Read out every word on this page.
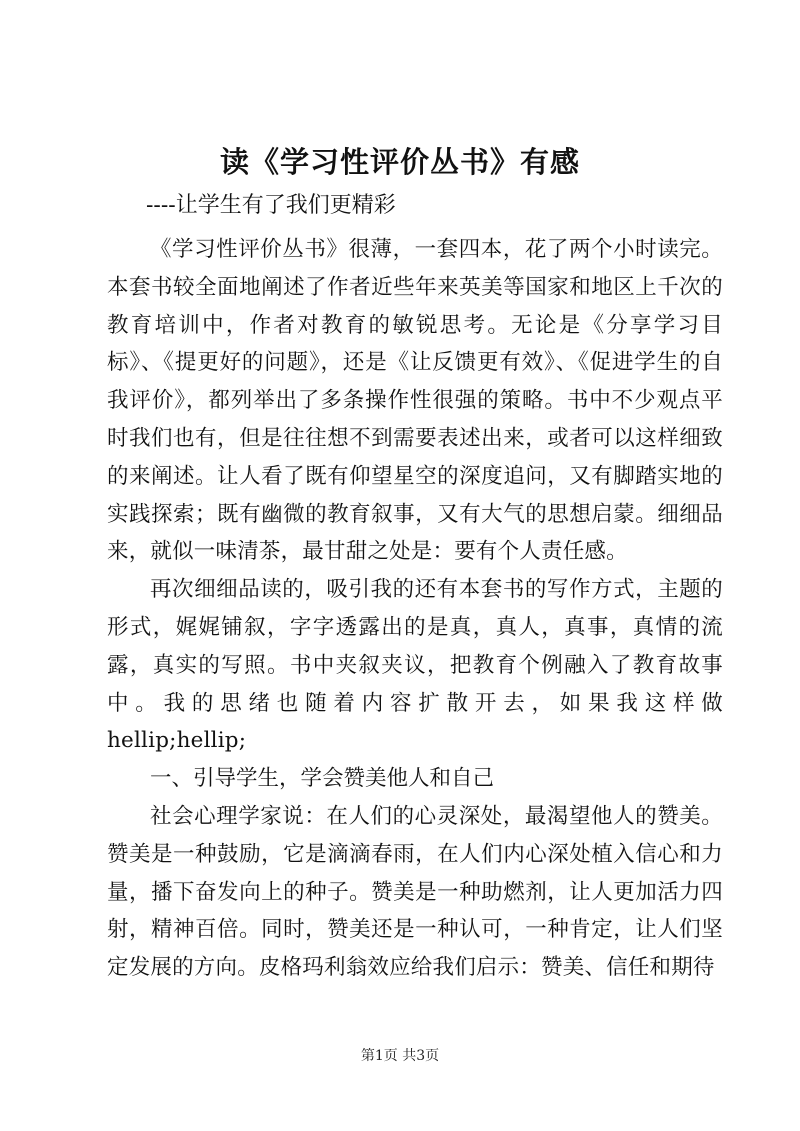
读《学习性评价丛书》有感

----让学生有了我们更精彩

《学习性评价丛书》很薄，一套四本，花了两个小时读完。本套书较全面地阐述了作者近些年来英美等国家和地区上千次的教育培训中，作者对教育的敏锐思考。无论是《分享学习目标》、《提更好的问题》，还是《让反馈更有效》、《促进学生的自我评价》，都列举出了多条操作性很强的策略。书中不少观点平时我们也有，但是往往想不到需要表述出来，或者可以这样细致的来阐述。让人看了既有仰望星空的深度追问，又有脚踏实地的实践探索；既有幽微的教育叙事，又有大气的思想启蒙。细细品来，就似一味清茶，最甘甜之处是：要有个人责任感。

再次细细品读的，吸引我的还有本套书的写作方式，主题的形式，娓娓铺叙，字字透露出的是真，真人，真事，真情的流露，真实的写照。书中夹叙夹议，把教育个例融入了教育故事中。我的思绪也随着内容扩散开去，如果我这样做hellip;hellip;

一、引导学生，学会赞美他人和自己

社会心理学家说：在人们的心灵深处，最渴望他人的赞美。赞美是一种鼓励，它是滴滴春雨，在人们内心深处植入信心和力量，播下奋发向上的种子。赞美是一种助燃剂，让人更加活力四射，精神百倍。同时，赞美还是一种认可，一种肯定，让人们坚定发展的方向。皮格玛利翁效应给我们启示：赞美、信任和期待

第1页 共3页
